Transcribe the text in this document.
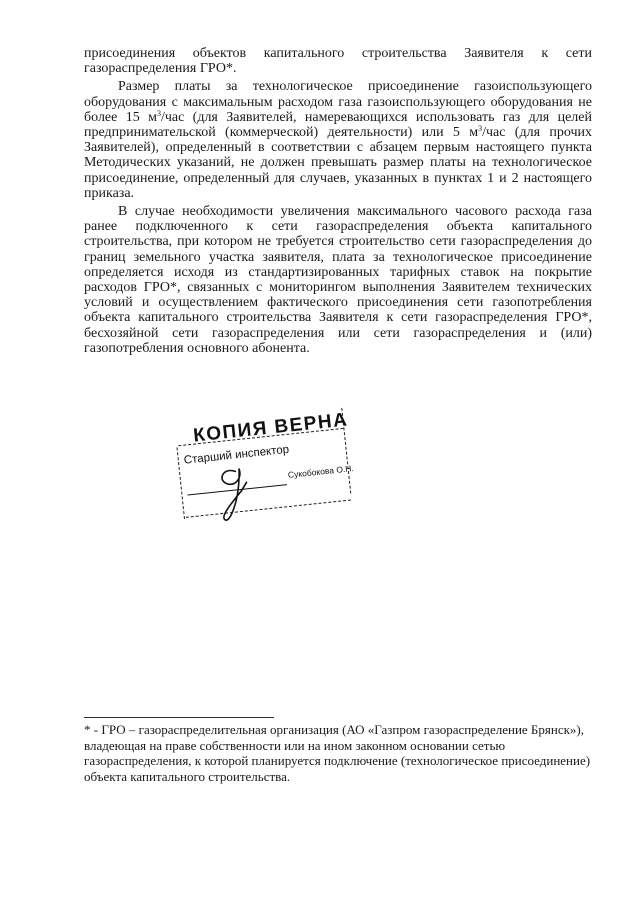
присоединения объектов капитального строительства Заявителя к сети газораспределения ГРО*.

Размер платы за технологическое присоединение газоиспользующего оборудования с максимальным расходом газа газоиспользующего оборудования не более 15 $м^3$/час (для Заявителей, намеревающихся использовать газ для целей предпринимательской (коммерческой) деятельности) или 5 $м^3$/час (для прочих Заявителей), определенный в соответствии с абзацем первым настоящего пункта Методических указаний, не должен превышать размер платы на технологическое присоединение, определенный для случаев, указанных в пунктах 1 и 2 настоящего приказа.

В случае необходимости увеличения максимального часового расхода газа ранее подключенного к сети газораспределения объекта капитального строительства, при котором не требуется строительство сети газораспределения до границ земельного участка заявителя, плата за технологическое присоединение определяется исходя из стандартизированных тарифных ставок на покрытие расходов ГРО*, связанных с мониторингом выполнения Заявителем технических условий и осуществлением фактического присоединения сети газопотребления объекта капитального строительства Заявителя к сети газораспределения ГРО*, бесхозяйной сети газораспределения или сети газораспределения и (или) газопотребления основного абонента.

КОПИЯ ВЕРНА
Старший инспектор
Сукобокова О.Н.

* - ГРО – газораспределительная организация (АО «Газпром газораспределение Брянск»), владеющая на праве собственности или на ином законном основании сетью газораспределения, к которой планируется подключение (технологическое присоединение) объекта капитального строительства.
